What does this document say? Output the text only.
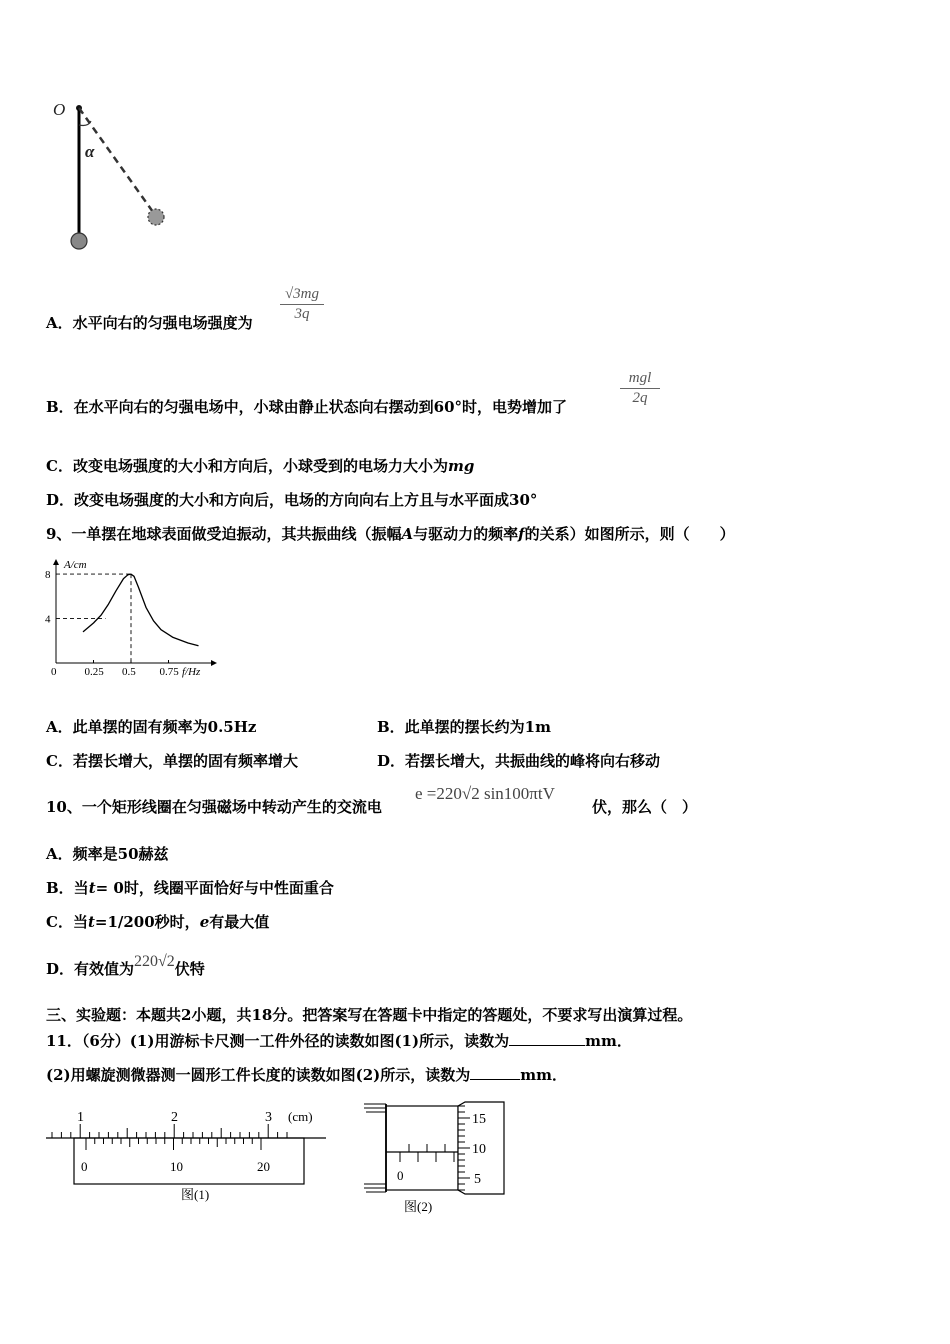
O
α
√3mg
3q
A．水平向右的匀强电场强度为
mgl
2q
B．在水平向右的匀强电场中，小球由静止状态向右摆动到60°时，电势增加了
C．改变电场强度的大小和方向后，小球受到的电场力大小为mg
D．改变电场强度的大小和方向后，电场的方向向右上方且与水平面成30°
9、一单摆在地球表面做受迫振动，其共振曲线（振幅A与驱动力的频率f的关系）如图所示，则（　　）
A/cm
f/Hz
0	0.25 0.5 0.75
4
8
A．此单摆的固有频率为0.5Hz	B．此单摆的摆长约为1m
C．若摆长增大，单摆的固有频率增大	D．若摆长增大，共振曲线的峰将向右移动
10、一个矩形线圈在匀强磁场中转动产生的交流电
e =220√2 sin100πtV
伏，那么（　）
A．频率是50赫兹
B．当t= 0时，线圈平面恰好与中性面重合
C．当t=1/200秒时，e有最大值
D．有效值为220√2伏特
三、实验题：本题共2小题，共18分。把答案写在答题卡中指定的答题处，不要求写出演算过程。
11．（6分）(1)用游标卡尺测一工件外径的读数如图(1)所示，读数为	mm．
(2)用螺旋测微器测一圆形工件长度的读数如图(2)所示，读数为	mm．
1	2	3 (cm)
0	10	20
图(1)
0
15
10
5
图(2)
